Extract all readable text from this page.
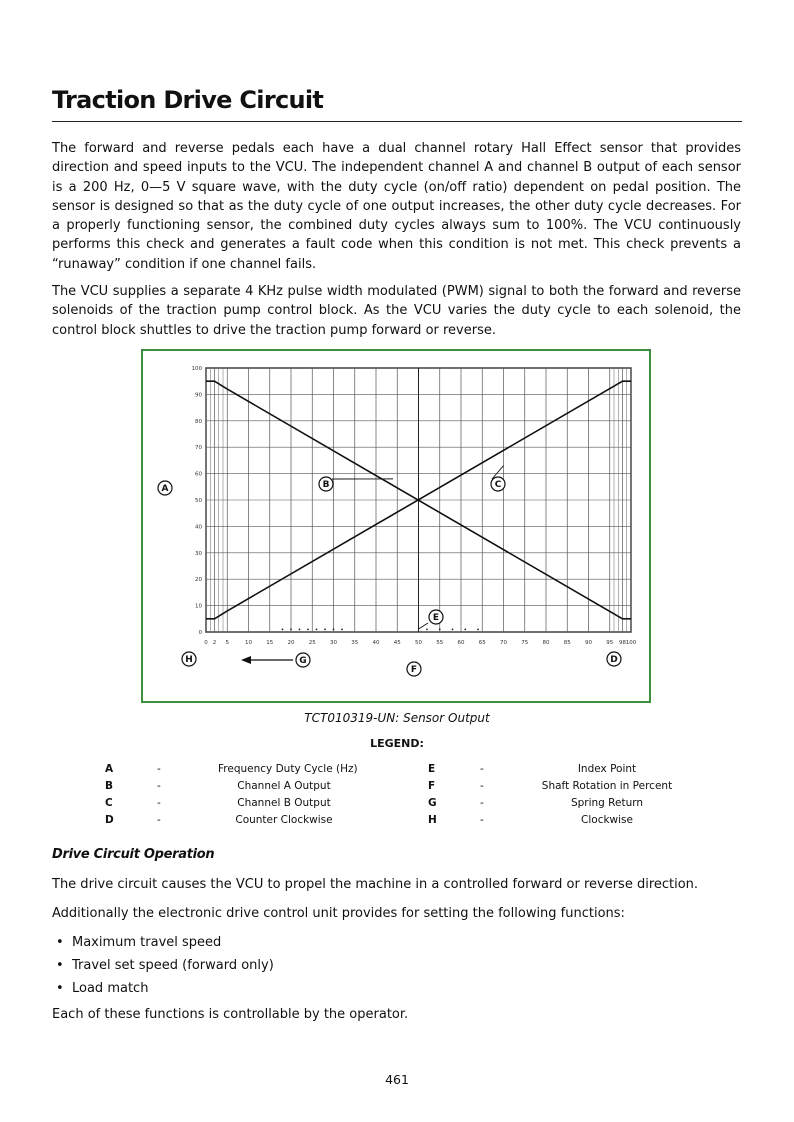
Traction Drive Circuit

The forward and reverse pedals each have a dual channel rotary Hall Effect sensor that provides direction and speed inputs to the VCU. The independent channel A and channel B output of each sensor is a 200 Hz, 0—5 V square wave, with the duty cycle (on/off ratio) dependent on pedal position. The sensor is designed so that as the duty cycle of one output increases, the other duty cycle decreases. For a properly functioning sensor, the combined duty cycles always sum to 100%. The VCU continuously performs this check and generates a fault code when this condition is not met. This check prevents a “runaway” condition if one channel fails.

The VCU supplies a separate 4 KHz pulse width modulated (PWM) signal to both the forward and reverse solenoids of the traction pump control block. As the VCU varies the duty cycle to each solenoid, the control block shuttles to drive the traction pump forward or reverse.

0
10
20
30
40
50
60
70
80
90
100
0 2 5	10	15	20	25	30	35	40	45	50	55	60	65	70	75	80	85	90	95 98 100
A	B	C
E
H	G
F
D
TCT010319-UN: Sensor Output
LEGEND:
A	-	Frequency Duty Cycle (Hz)	E	-	Index Point
B	-	Channel A Output	F	-	Shaft Rotation in Percent
C	-	Channel B Output	G	-	Spring Return
D	-	Counter Clockwise	H	-	Clockwise
Drive Circuit Operation

The drive circuit causes the VCU to propel the machine in a controlled forward or reverse direction.

Additionally the electronic drive control unit provides for setting the following functions:

• Maximum travel speed
• Travel set speed (forward only)
• Load match

Each of these functions is controllable by the operator.

461
